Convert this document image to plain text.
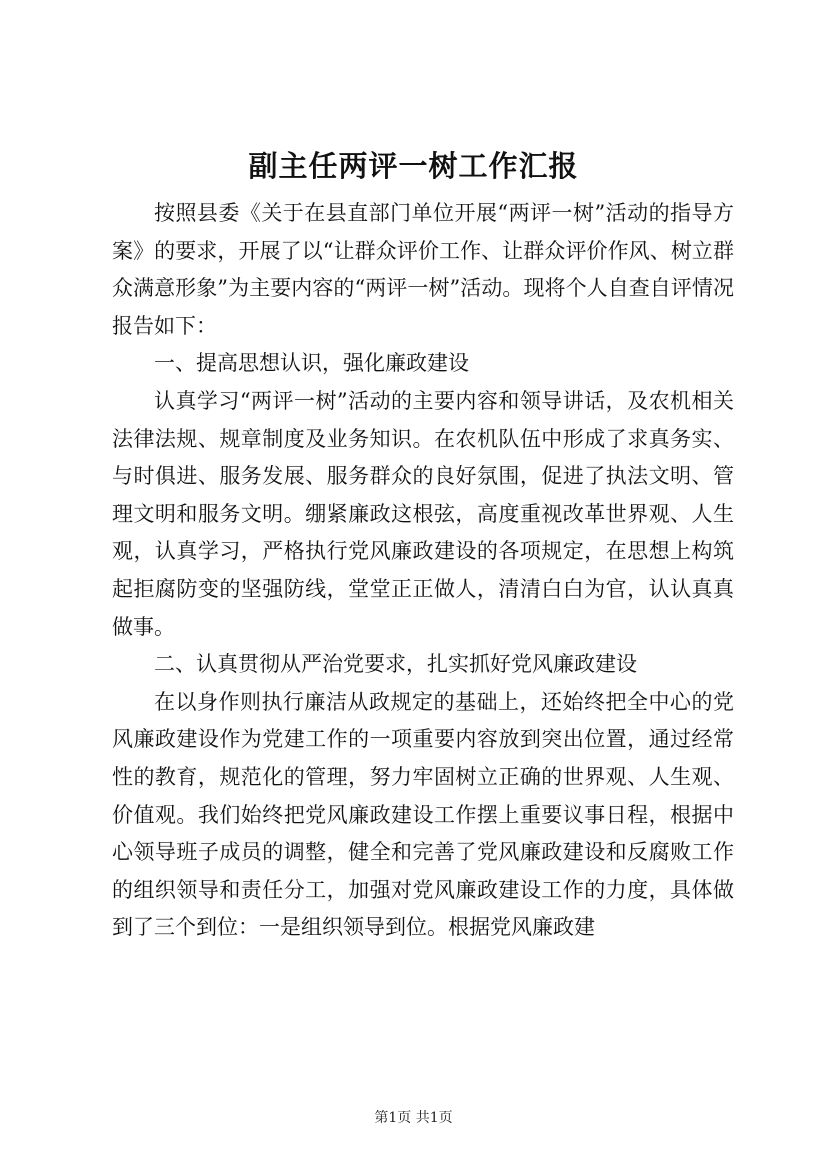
副主任两评一树工作汇报

按照县委《关于在县直部门单位开展“两评一树”活动的指导方案》的要求，开展了以“让群众评价工作、让群众评价作风、树立群众满意形象”为主要内容的“两评一树”活动。现将个人自查自评情况报告如下：

一、提高思想认识，强化廉政建设

认真学习“两评一树”活动的主要内容和领导讲话，及农机相关法律法规、规章制度及业务知识。在农机队伍中形成了求真务实、与时俱进、服务发展、服务群众的良好氛围，促进了执法文明、管理文明和服务文明。绷紧廉政这根弦，高度重视改革世界观、人生观，认真学习，严格执行党风廉政建设的各项规定，在思想上构筑起拒腐防变的坚强防线，堂堂正正做人，清清白白为官，认认真真做事。

二、认真贯彻从严治党要求，扎实抓好党风廉政建设

在以身作则执行廉洁从政规定的基础上，还始终把全中心的党风廉政建设作为党建工作的一项重要内容放到突出位置，通过经常性的教育，规范化的管理，努力牢固树立正确的世界观、人生观、价值观。我们始终把党风廉政建设工作摆上重要议事日程，根据中心领导班子成员的调整，健全和完善了党风廉政建设和反腐败工作的组织领导和责任分工，加强对党风廉政建设工作的力度，具体做到了三个到位：一是组织领导到位。根据党风廉政建

第1页 共1页
